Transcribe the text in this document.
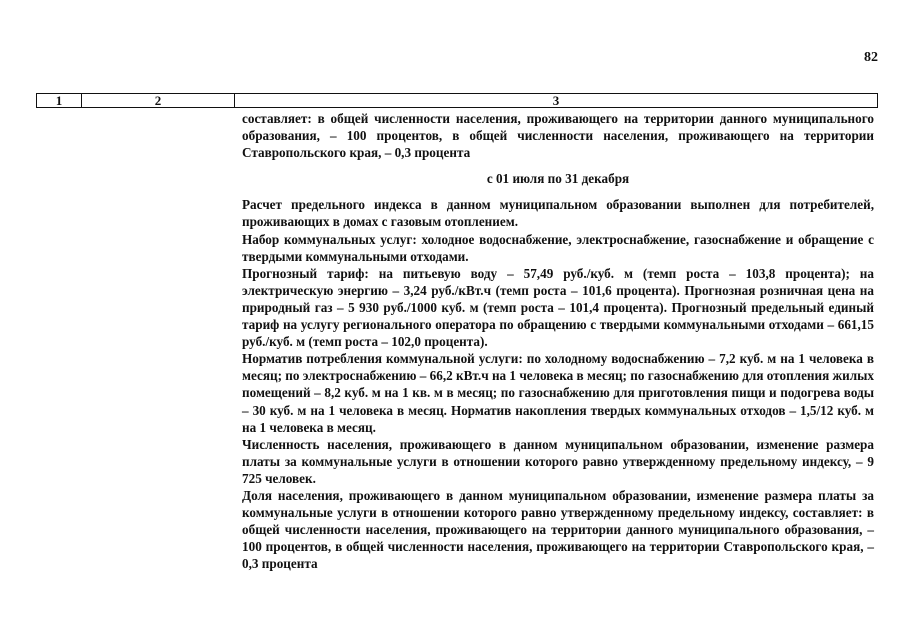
82
1	2	3

составляет: в общей численности населения, проживающего на территории данного муниципального образования, – 100 процентов, в общей численности населения, проживающего на территории Ставропольского края, – 0,3 процента

с 01 июля по 31 декабря

Расчет предельного индекса в данном муниципальном образовании выполнен для потребителей, проживающих в домах с газовым отоплением.

Набор коммунальных услуг: холодное водоснабжение, электроснабжение, газоснабжение и обращение с твердыми коммунальными отходами.

Прогнозный тариф: на питьевую воду – 57,49 руб./куб. м (темп роста – 103,8 процента); на электрическую энергию – 3,24 руб./кВт.ч (темп роста – 101,6 процента). Прогнозная розничная цена на природный газ – 5 930 руб./1000 куб. м (темп роста – 101,4 процента). Прогнозный предельный единый тариф на услугу регионального оператора по обращению с твердыми коммунальными отходами – 661,15 руб./куб. м (темп роста – 102,0 процента).

Норматив потребления коммунальной услуги: по холодному водоснабжению – 7,2 куб. м на 1 человека в месяц; по электроснабжению – 66,2 кВт.ч на 1 человека в месяц; по газоснабжению для отопления жилых помещений – 8,2 куб. м на 1 кв. м в месяц; по газоснабжению для приготовления пищи и подогрева воды – 30 куб. м на 1 человека в месяц. Норматив накопления твердых коммунальных отходов – 1,5/12 куб. м на 1 человека в месяц.

Численность населения, проживающего в данном муниципальном образовании, изменение размера платы за коммунальные услуги в отношении которого равно утвержденному предельному индексу, – 9 725 человек.

Доля населения, проживающего в данном муниципальном образовании, изменение размера платы за коммунальные услуги в отношении которого равно утвержденному предельному индексу, составляет: в общей численности населения, проживающего на территории данного муниципального образования, – 100 процентов, в общей численности населения, проживающего на территории Ставропольского края, – 0,3 процента
